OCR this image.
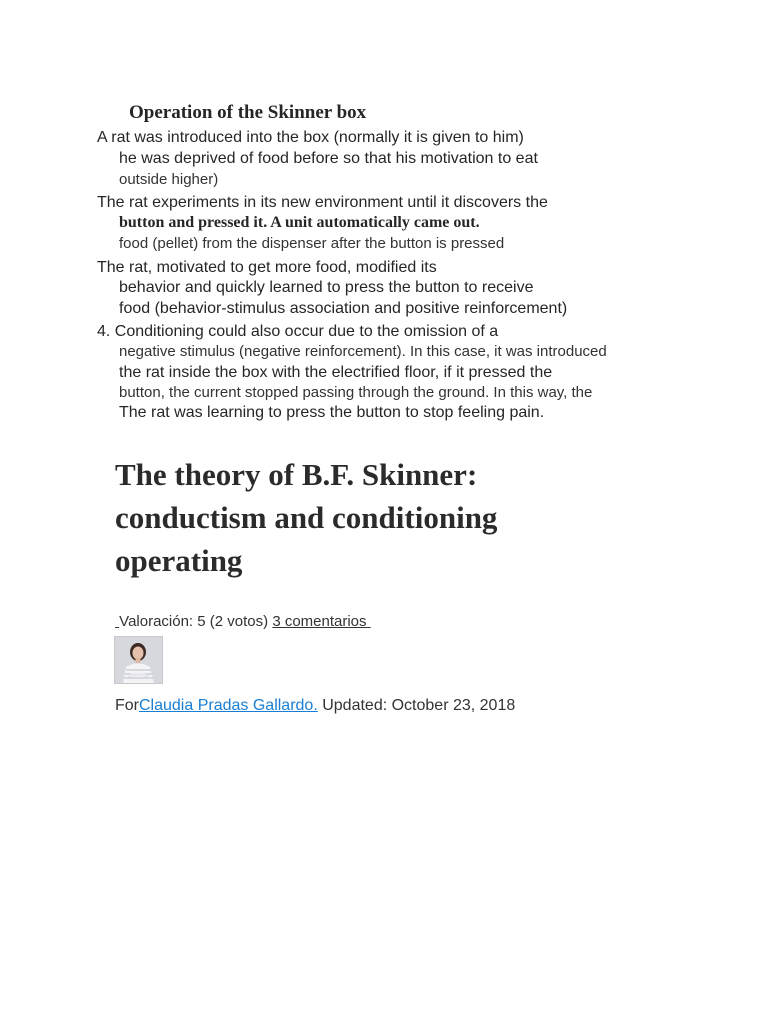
Operation of the Skinner box
A rat was introduced into the box (normally it is given to him)
he was deprived of food before so that his motivation to eat
outside higher)
The rat experiments in its new environment until it discovers the
button and pressed it. A unit automatically came out.
food (pellet) from the dispenser after the button is pressed
The rat, motivated to get more food, modified its
behavior and quickly learned to press the button to receive
food (behavior-stimulus association and positive reinforcement)
4. Conditioning could also occur due to the omission of a
negative stimulus (negative reinforcement). In this case, it was introduced
the rat inside the box with the electrified floor, if it pressed the
button, the current stopped passing through the ground. In this way, the
The rat was learning to press the button to stop feeling pain.
The theory of B.F. Skinner:
conductism and conditioning
operating
Valoración: 5 (2 votos) 3 comentarios
ForClaudia Pradas Gallardo. Updated: October 23, 2018
